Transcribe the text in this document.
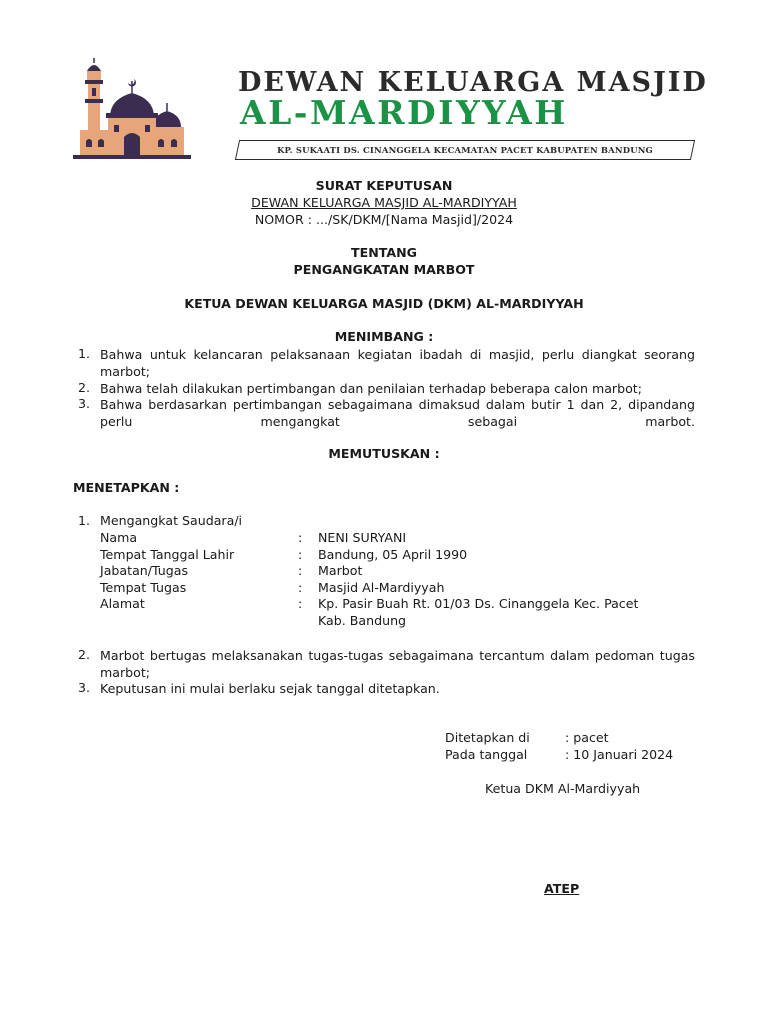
DEWAN KELUARGA MASJID
AL-MARDIYYAH
KP. SUKAATI DS. CINANGGELA KECAMATAN PACET KABUPATEN BANDUNG
SURAT KEPUTUSAN
DEWAN KELUARGA MASJID AL-MARDIYYAH
NOMOR : .../SK/DKM/[Nama Masjid]/2024
TENTANG
PENGANGKATAN MARBOT
KETUA DEWAN KELUARGA MASJID (DKM) AL-MARDIYYAH
MENIMBANG :
1. Bahwa untuk kelancaran pelaksanaan kegiatan ibadah di masjid, perlu diangkat seorang marbot;
2. Bahwa telah dilakukan pertimbangan dan penilaian terhadap beberapa calon marbot;
3. Bahwa berdasarkan pertimbangan sebagaimana dimaksud dalam butir 1 dan 2, dipandang perlu mengangkat sebagai marbot.
MEMUTUSKAN :
MENETAPKAN :
1. Mengangkat Saudara/i
Nama	: NENI SURYANI
Tempat Tanggal Lahir	: Bandung, 05 April 1990
Jabatan/Tugas	: Marbot
Tempat Tugas	: Masjid Al-Mardiyyah
Alamat	: Kp. Pasir Buah Rt. 01/03 Ds. Cinanggela Kec. Pacet
Kab. Bandung
2. Marbot bertugas melaksanakan tugas-tugas sebagaimana tercantum dalam pedoman tugas marbot;
3. Keputusan ini mulai berlaku sejak tanggal ditetapkan.
Ditetapkan di	: pacet
Pada tanggal	: 10 Januari 2024
Ketua DKM Al-Mardiyyah
ATEP
